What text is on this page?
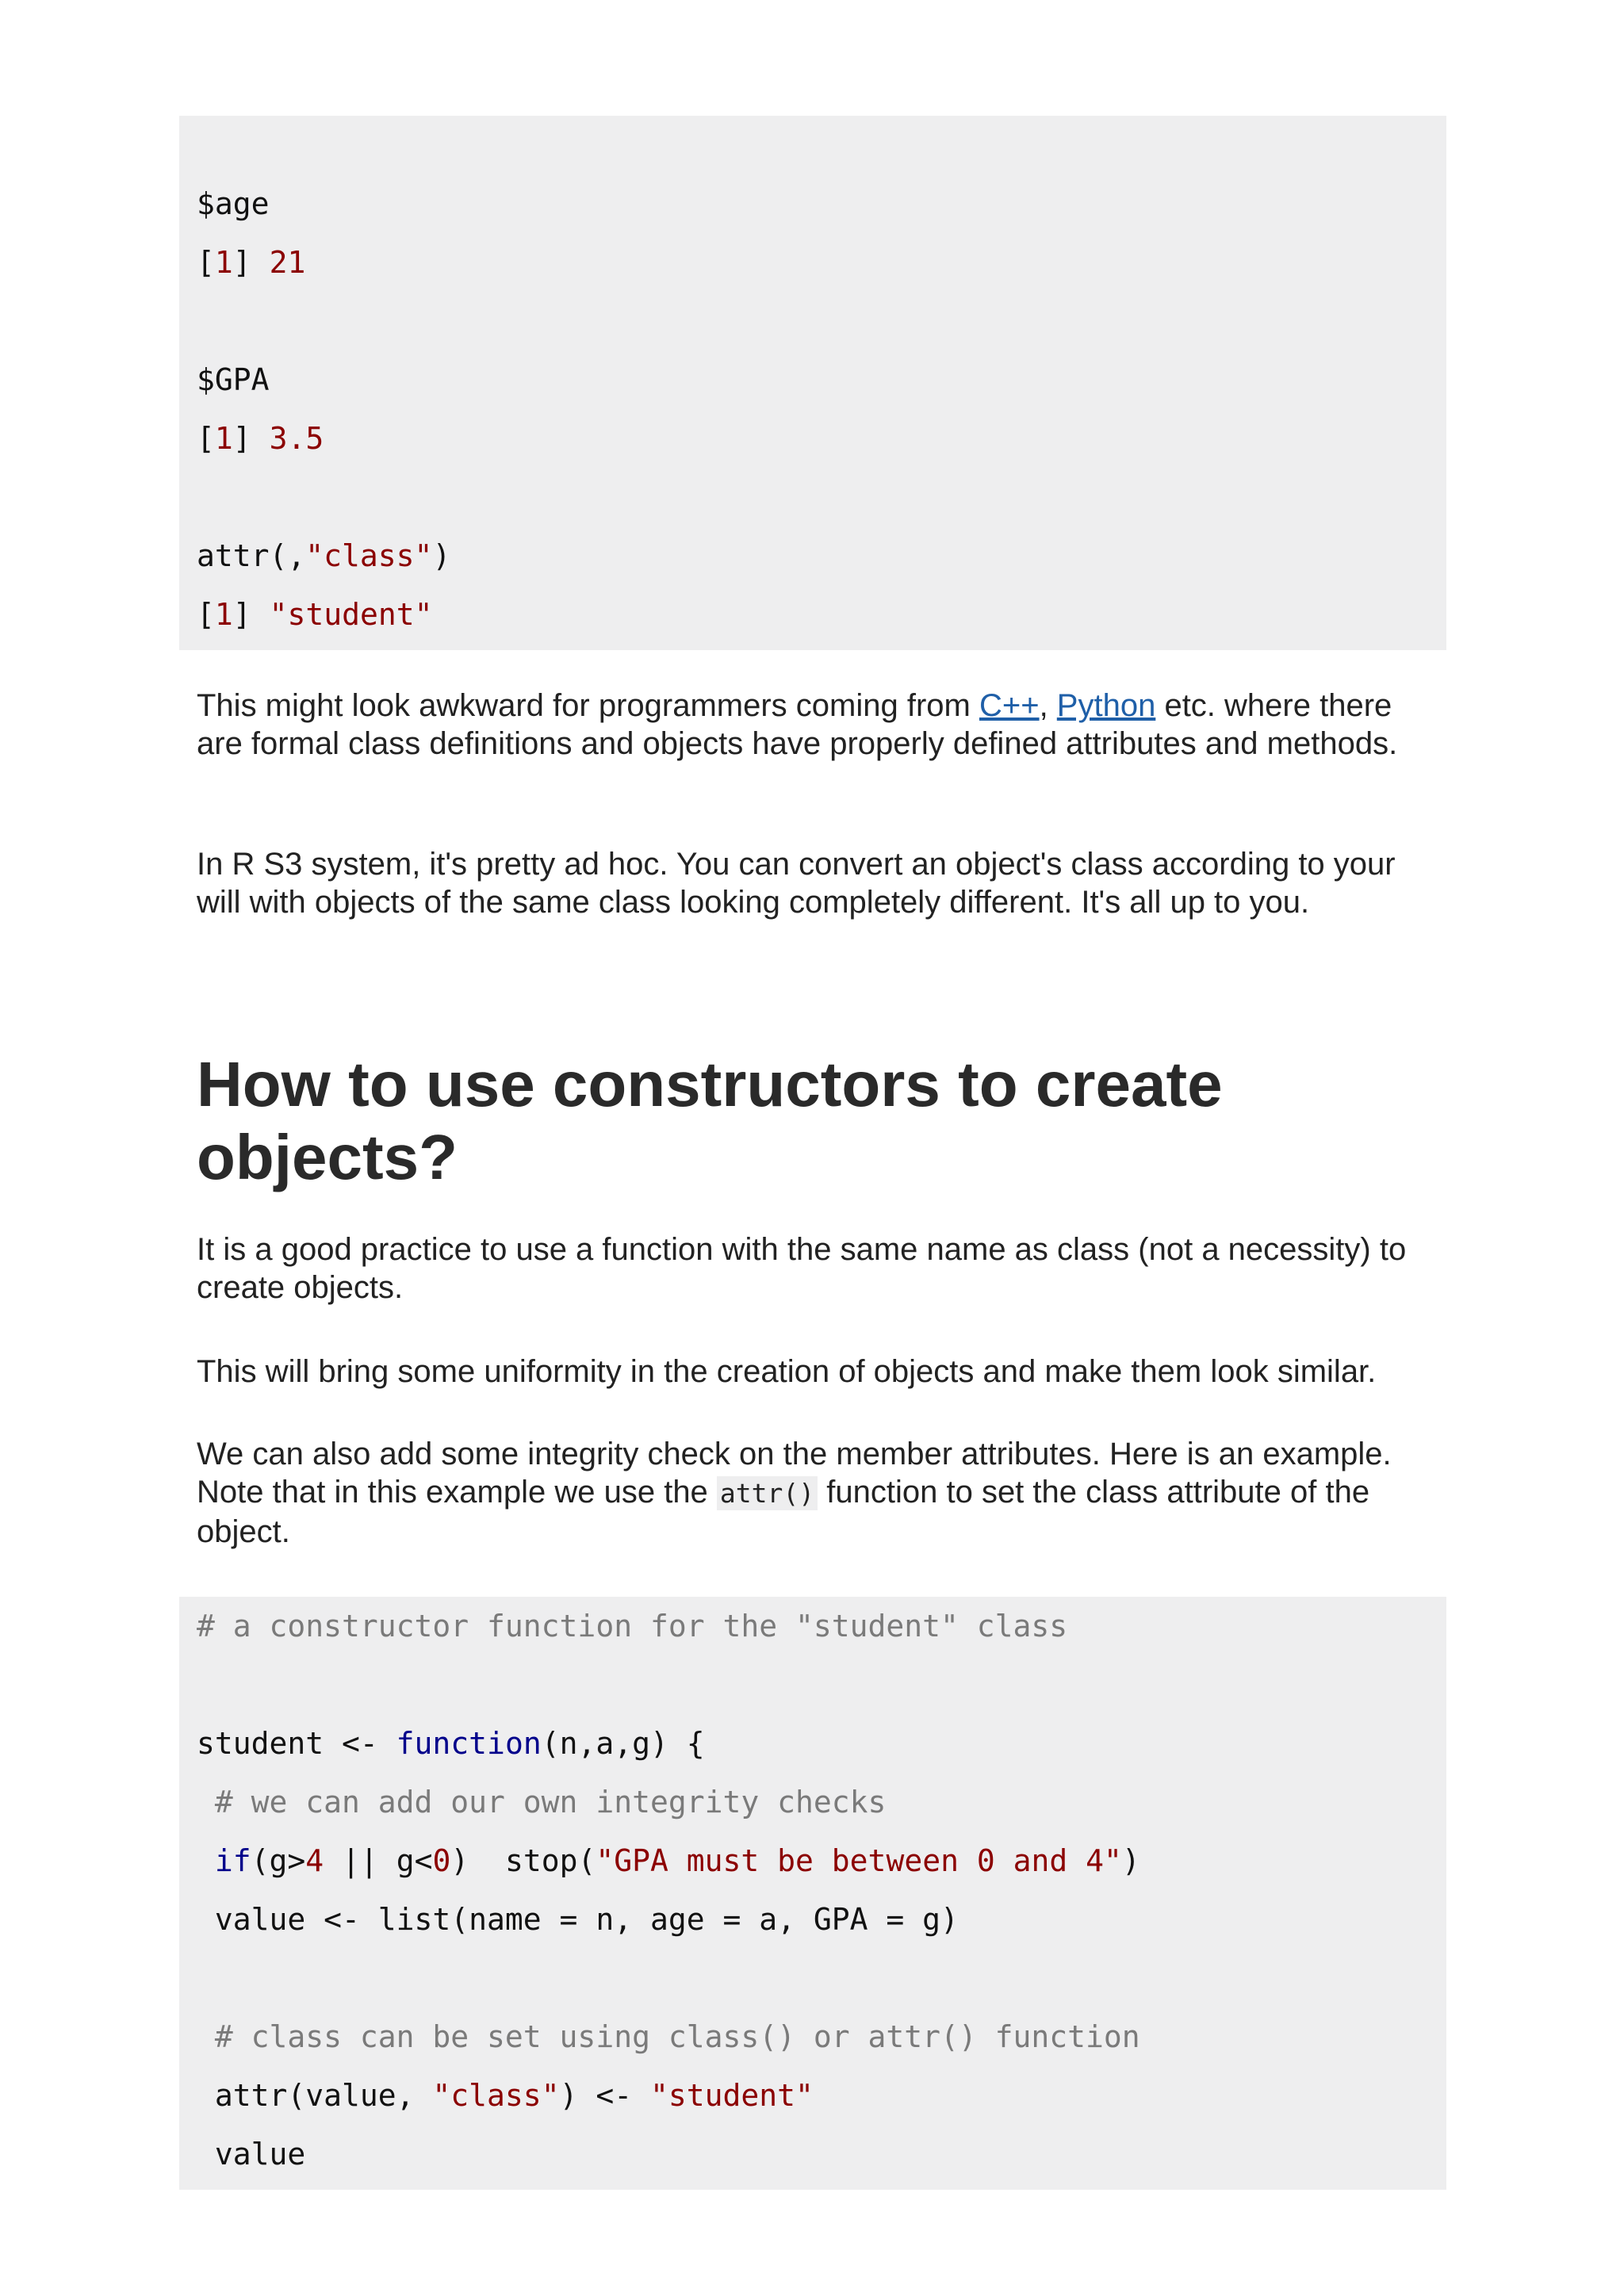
$age
[1] 21
$GPA
[1] 3.5
attr(,"class")
[1] "student"

This might look awkward for programmers coming from C++, Python etc. where there are formal class definitions and objects have properly defined attributes and methods.

In R S3 system, it's pretty ad hoc. You can convert an object's class according to your will with objects of the same class looking completely different. It's all up to you.

How to use constructors to create objects?

It is a good practice to use a function with the same name as class (not a necessity) to create objects.

This will bring some uniformity in the creation of objects and make them look similar.

We can also add some integrity check on the member attributes. Here is an example. Note that in this example we use the attr() function to set the class attribute of the object.

# a constructor function for the "student" class
student <- function(n,a,g) {
# we can add our own integrity checks
if(g>4 || g<0)  stop("GPA must be between 0 and 4")
value <- list(name = n, age = a, GPA = g)
# class can be set using class() or attr() function
attr(value, "class") <- "student"
value
